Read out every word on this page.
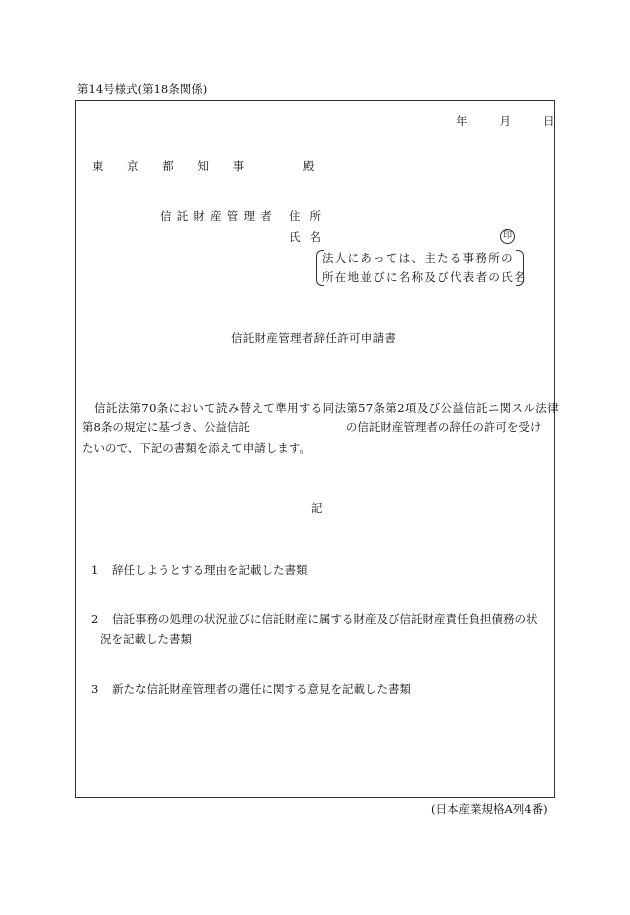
第14号様式(第18条関係)
年	月	日
東 京 都 知 事 　 殿
信託財産管理者 住所
氏名	印
法人にあっては、主たる事務所の
所在地並びに名称及び代表者の氏名
信託財産管理者辞任許可申請書
信託法第70条において読み替えて準用する同法第57条第2項及び公益信託ニ関スル法律
第8条の規定に基づき、公益信託	の信託財産管理者の辞任の許可を受け
たいので、下記の書類を添えて申請します。
記
1 辞任しようとする理由を記載した書類
2 信託事務の処理の状況並びに信託財産に属する財産及び信託財産責任負担債務の状
況を記載した書類
3 新たな信託財産管理者の選任に関する意見を記載した書類
(日本産業規格A列4番)
